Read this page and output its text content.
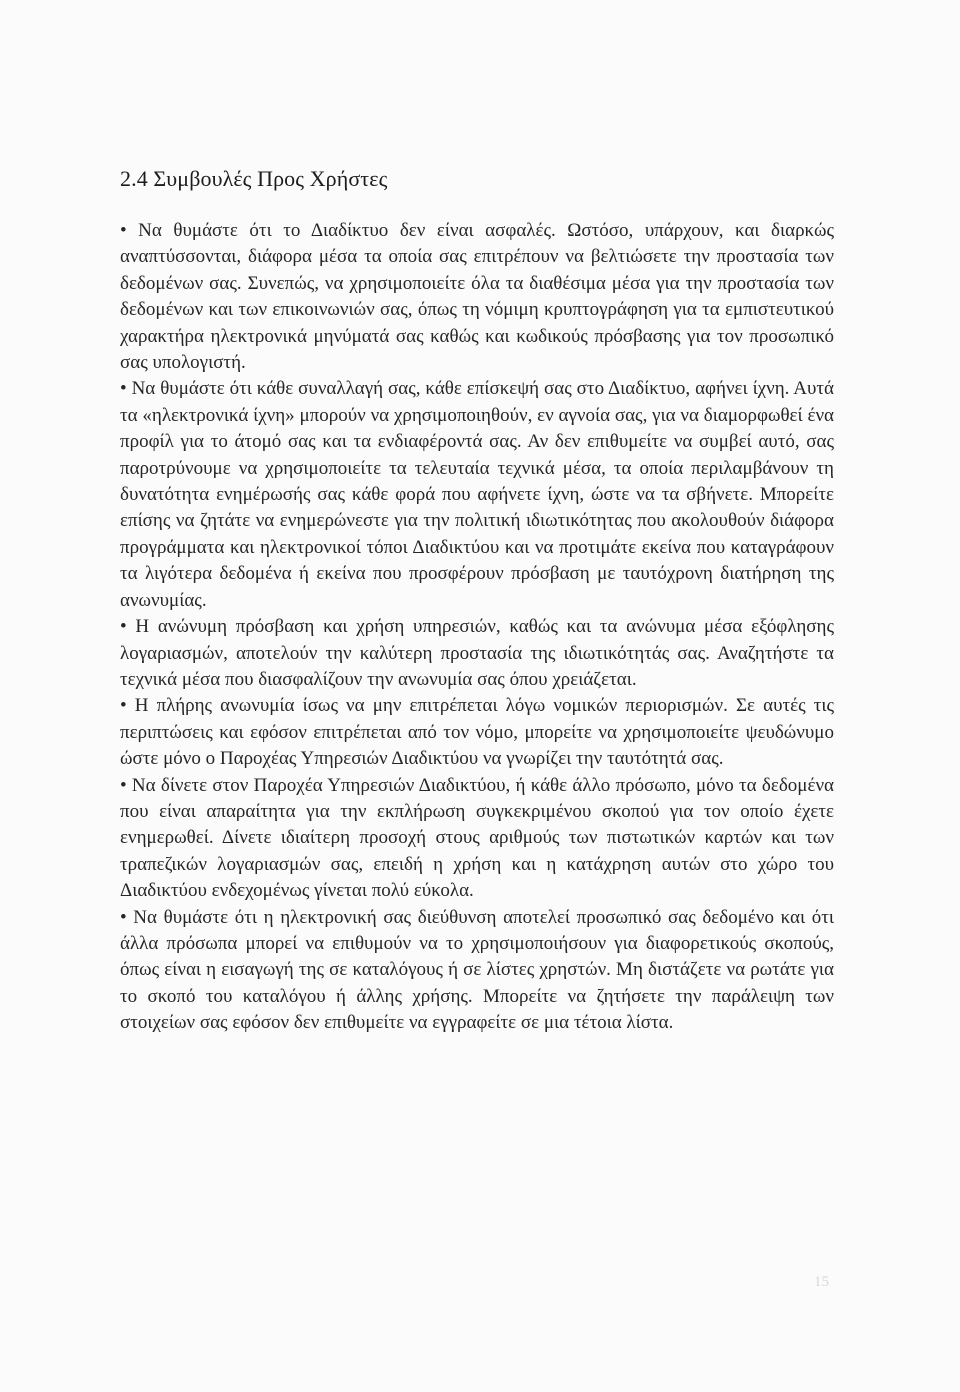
2.4 Συμβουλές Προς Χρήστες

• Να θυμάστε ότι το Διαδίκτυο δεν είναι ασφαλές. Ωστόσο, υπάρχουν, και διαρκώς αναπτύσσονται, διάφορα μέσα τα οποία σας επιτρέπουν να βελτιώσετε την προστασία των δεδομένων σας. Συνεπώς, να χρησιμοποιείτε όλα τα διαθέσιμα μέσα για την προστασία των δεδομένων και των επικοινωνιών σας, όπως τη νόμιμη κρυπτογράφηση για τα εμπιστευτικού χαρακτήρα ηλεκτρονικά μηνύματά σας καθώς και κωδικούς πρόσβασης για τον προσωπικό σας υπολογιστή.

• Να θυμάστε ότι κάθε συναλλαγή σας, κάθε επίσκεψή σας στο Διαδίκτυο, αφήνει ίχνη. Αυτά τα «ηλεκτρονικά ίχνη» μπορούν να χρησιμοποιηθούν, εν αγνοία σας, για να διαμορφωθεί ένα προφίλ για το άτομό σας και τα ενδιαφέροντά σας. Αν δεν επιθυμείτε να συμβεί αυτό, σας παροτρύνουμε να χρησιμοποιείτε τα τελευταία τεχνικά μέσα, τα οποία περιλαμβάνουν τη δυνατότητα ενημέρωσής σας κάθε φορά που αφήνετε ίχνη, ώστε να τα σβήνετε. Μπορείτε επίσης να ζητάτε να ενημερώνεστε για την πολιτική ιδιωτικότητας που ακολουθούν διάφορα προγράμματα και ηλεκτρονικοί τόποι Διαδικτύου και να προτιμάτε εκείνα που καταγράφουν τα λιγότερα δεδομένα ή εκείνα που προσφέρουν πρόσβαση με ταυτόχρονη διατήρηση της ανωνυμίας.

• Η ανώνυμη πρόσβαση και χρήση υπηρεσιών, καθώς και τα ανώνυμα μέσα εξόφλησης λογαριασμών, αποτελούν την καλύτερη προστασία της ιδιωτικότητάς σας. Αναζητήστε τα τεχνικά μέσα που διασφαλίζουν την ανωνυμία σας όπου χρειάζεται.

• Η πλήρης ανωνυμία ίσως να μην επιτρέπεται λόγω νομικών περιορισμών. Σε αυτές τις περιπτώσεις και εφόσον επιτρέπεται από τον νόμο, μπορείτε να χρησιμοποιείτε ψευδώνυμο ώστε μόνο ο Παροχέας Υπηρεσιών Διαδικτύου να γνωρίζει την ταυτότητά σας.

• Να δίνετε στον Παροχέα Υπηρεσιών Διαδικτύου, ή κάθε άλλο πρόσωπο, μόνο τα δεδομένα που είναι απαραίτητα για την εκπλήρωση συγκεκριμένου σκοπού για τον οποίο έχετε ενημερωθεί. Δίνετε ιδιαίτερη προσοχή στους αριθμούς των πιστωτικών καρτών και των τραπεζικών λογαριασμών σας, επειδή η χρήση και η κατάχρηση αυτών στο χώρο του Διαδικτύου ενδεχομένως γίνεται πολύ εύκολα.

• Να θυμάστε ότι η ηλεκτρονική σας διεύθυνση αποτελεί προσωπικό σας δεδομένο και ότι άλλα πρόσωπα μπορεί να επιθυμούν να το χρησιμοποιήσουν για διαφορετικούς σκοπούς, όπως είναι η εισαγωγή της σε καταλόγους ή σε λίστες χρηστών. Μη διστάζετε να ρωτάτε για το σκοπό του καταλόγου ή άλλης χρήσης. Μπορείτε να ζητήσετε την παράλειψη των στοιχείων σας εφόσον δεν επιθυμείτε να εγγραφείτε σε μια τέτοια λίστα.

15
